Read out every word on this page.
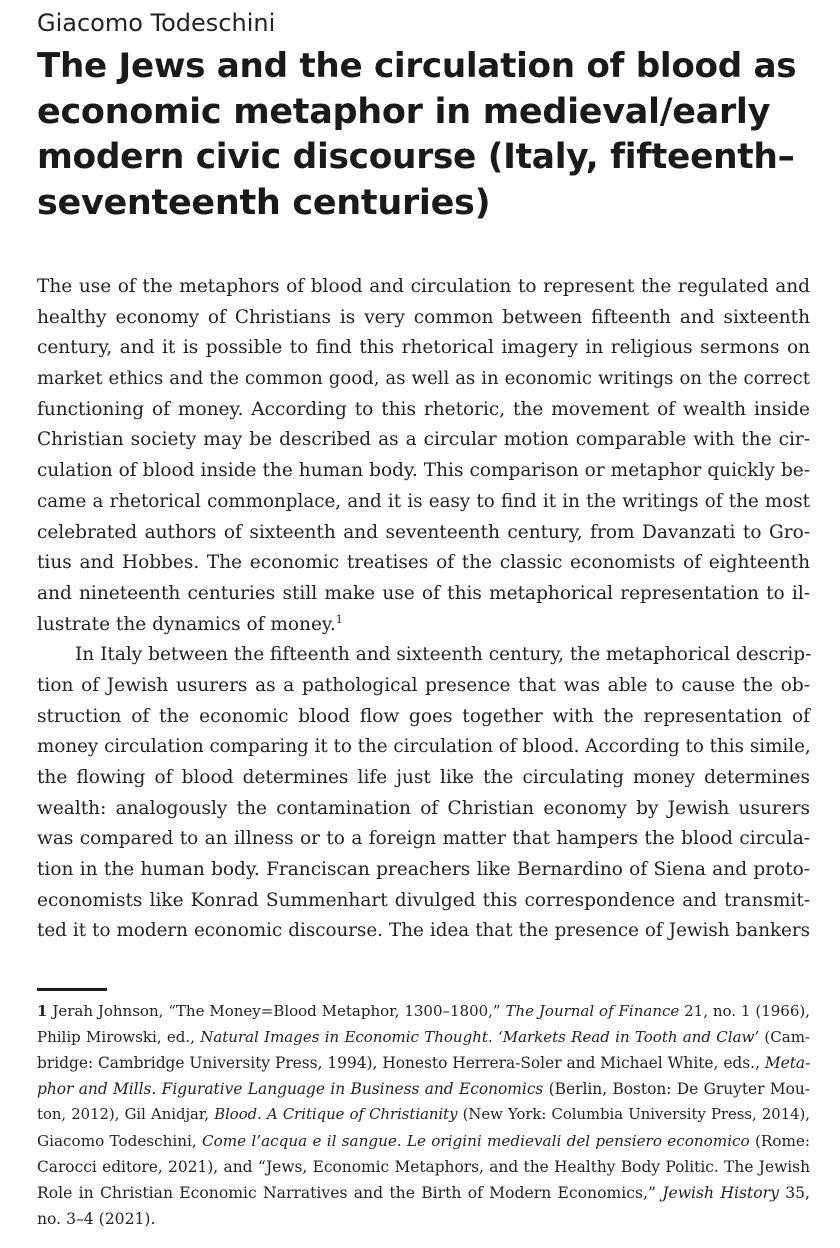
Giacomo Todeschini
The Jews and the circulation of blood as
economic metaphor in medieval/early
modern civic discourse (Italy, fifteenth–
seventeenth centuries)
The use of the metaphors of blood and circulation to represent the regulated and
healthy economy of Christians is very common between fifteenth and sixteenth
century, and it is possible to find this rhetorical imagery in religious sermons on
market ethics and the common good, as well as in economic writings on the correct
functioning of money. According to this rhetoric, the movement of wealth inside
Christian society may be described as a circular motion comparable with the cir-
culation of blood inside the human body. This comparison or metaphor quickly be-
came a rhetorical commonplace, and it is easy to find it in the writings of the most
celebrated authors of sixteenth and seventeenth century, from Davanzati to Gro-
tius and Hobbes. The economic treatises of the classic economists of eighteenth
and nineteenth centuries still make use of this metaphorical representation to il-
lustrate the dynamics of money.$^1$
In Italy between the fifteenth and sixteenth century, the metaphorical descrip-
tion of Jewish usurers as a pathological presence that was able to cause the ob-
struction of the economic blood flow goes together with the representation of
money circulation comparing it to the circulation of blood. According to this simile,
the flowing of blood determines life just like the circulating money determines
wealth: analogously the contamination of Christian economy by Jewish usurers
was compared to an illness or to a foreign matter that hampers the blood circula-
tion in the human body. Franciscan preachers like Bernardino of Siena and proto-
economists like Konrad Summenhart divulged this correspondence and transmit-
ted it to modern economic discourse. The idea that the presence of Jewish bankers
1 Jerah Johnson, “The Money=Blood Metaphor, 1300–1800,” The Journal of Finance 21, no. 1 (1966),
Philip Mirowski, ed., Natural Images in Economic Thought. ‘Markets Read in Tooth and Claw’ (Cam-
bridge: Cambridge University Press, 1994), Honesto Herrera-Soler and Michael White, eds., Meta-
phor and Mills. Figurative Language in Business and Economics (Berlin, Boston: De Gruyter Mou-
ton, 2012), Gil Anidjar, Blood. A Critique of Christianity (New York: Columbia University Press, 2014),
Giacomo Todeschini, Come l’acqua e il sangue. Le origini medievali del pensiero economico (Rome:
Carocci editore, 2021), and “Jews, Economic Metaphors, and the Healthy Body Politic. The Jewish
Role in Christian Economic Narratives and the Birth of Modern Economics,” Jewish History 35,
no. 3–4 (2021).
